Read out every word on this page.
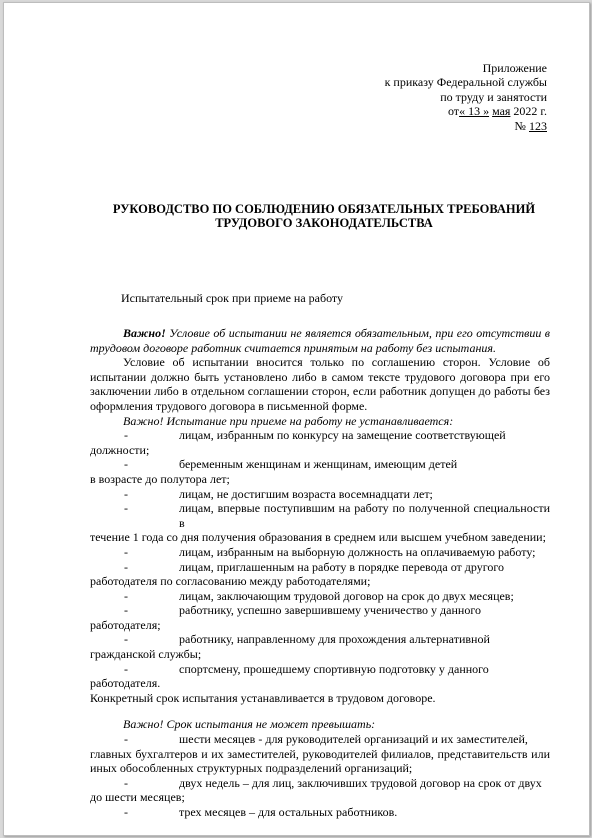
Приложение
к приказу Федеральной службы
по труду и занятости
от« 13 » мая 2022 г.
№ 123
РУКОВОДСТВО ПО СОБЛЮДЕНИЮ ОБЯЗАТЕЛЬНЫХ ТРЕБОВАНИЙ
ТРУДОВОГО ЗАКОНОДАТЕЛЬСТВА
Испытательный срок при приеме на работу

Важно! Условие об испытании не является обязательным, при его отсутствии в трудовом договоре работник считается принятым на работу без испытания.

Условие об испытании вносится только по соглашению сторон. Условие об испытании должно быть установлено либо в самом тексте трудового договора при его заключении либо в отдельном соглашении сторон, если работник допущен до работы без оформления трудового договора в письменной форме.

Важно! Испытание при приеме на работу не устанавливается:

-	лицам, избранным по конкурсу на замещение соответствующей

должности;

-	беременным женщинам и женщинам, имеющим детей

в возрасте до полутора лет;

-	лицам, не достигшим возраста восемнадцати лет;
-	лицам, впервые поступившим на работу по полученной специальности в

течение 1 года со дня получения образования в среднем или высшем учебном заведении;

-	лицам, избранным на выборную должность на оплачиваемую работу;
-	лицам, приглашенным на работу в порядке перевода от другого

работодателя по согласованию между работодателями;

-	лицам, заключающим трудовой договор на срок до двух месяцев;
-	работнику, успешно завершившему ученичество у данного

работодателя;

-	работнику, направленному для прохождения альтернативной

гражданской службы;

-	спортсмену, прошедшему спортивную подготовку у данного

работодателя.

Конкретный срок испытания устанавливается в трудовом договоре.

Важно! Срок испытания не может превышать:

-	шести месяцев - для руководителей организаций и их заместителей,

главных бухгалтеров и их заместителей, руководителей филиалов, представительств или иных обособленных структурных подразделений организаций;

-	двух недель – для лиц, заключивших трудовой договор на срок от двух

до шести месяцев;

-	трех месяцев – для остальных работников.
